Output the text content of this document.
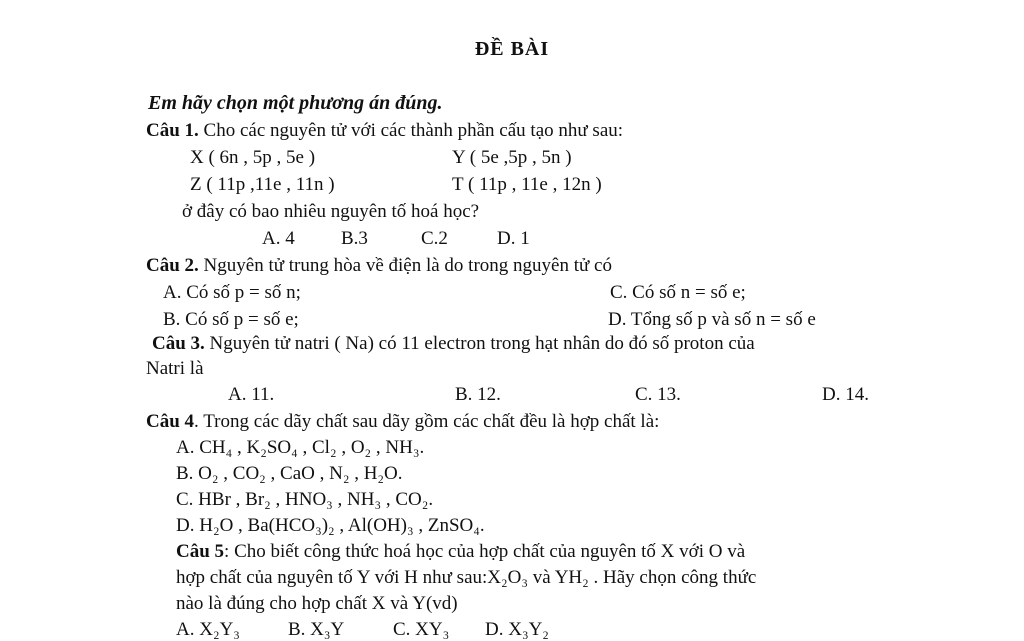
ĐỀ BÀI
Em hãy chọn một phương án đúng.
Câu 1. Cho các nguyên tử với các thành phần cấu tạo như sau:
X ( 6n , 5p , 5e )	Y ( 5e ,5p , 5n )
Z ( 11p ,11e , 11n )	T ( 11p , 11e , 12n )
ở đây có bao nhiêu nguyên tố hoá học?
A. 4 B.3	C.2	D. 1
Câu 2. Nguyên tử trung hòa về điện là do trong nguyên tử có
A. Có số p = số n;	C. Có số n = số e;
B. Có số p = số e;	D. Tổng số p và số n = số e
Câu 3. Nguyên tử natri ( Na) có 11 electron trong hạt nhân do đó số proton của
Natri là
A. 11.	B. 12.	C. 13.	D. 14.
Câu 4. Trong các dãy chất sau dãy gồm các chất đều là hợp chất là:
A. CH₄ , K₂SO₄ , Cl₂ , O₂ , NH₃.
B. O₂ , CO₂ , CaO , N₂ , H₂O.
C. HBr , Br₂ , HNO₃ , NH₃ , CO₂.
D. H₂O , Ba(HCO₃)₂ , Al(OH)₃ , ZnSO₄.
Câu 5: Cho biết công thức hoá học của hợp chất của nguyên tố X với O và
hợp chất của nguyên tố Y với H như sau:X₂O₃ và YH₂ . Hãy chọn công thức
nào là đúng cho hợp chất X và Y(vd)
A. X₂Y₃	B. X₃Y	C. XY₃ D. X₃Y₂
